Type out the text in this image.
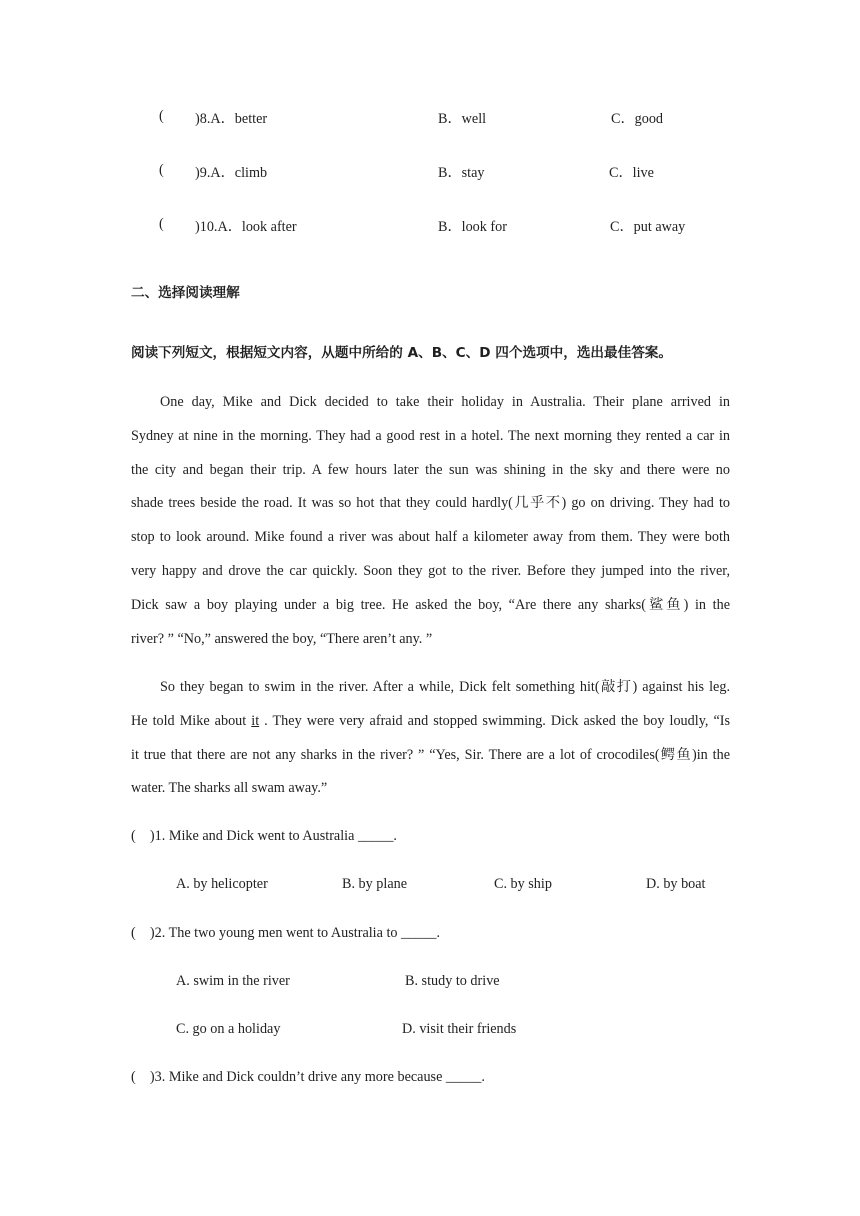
( )8.A．better	B．well	C．good
( )9.A．climb	B．stay	C．live
( )10.A．look after	B．look for	C．put away
二、选择阅读理解
阅读下列短文，根据短文内容，从题中所给的 A、B、C、D 四个选项中，选出最佳答案。
One day, Mike and Dick decided to take their holiday in Australia. Their plane arrived in
Sydney at nine in the morning. They had a good rest in a hotel. The next morning they rented a car in
the city and began their trip. A few hours later the sun was shining in the sky and there were no
shade trees beside the road. It was so hot that they could hardly(几乎不) go on driving. They had to
stop to look around. Mike found a river was about half a kilometer away from them. They were both
very happy and drove the car quickly. Soon they got to the river. Before they jumped into the river,
Dick saw a boy playing under a big tree. He asked the boy, “Are there any sharks(鲨鱼) in the
river? ” “No,” answered the boy, “There aren’t any. ”
So they began to swim in the river. After a while, Dick felt something hit(敲打) against his leg.
He told Mike about it . They were very afraid and stopped swimming. Dick asked the boy loudly, “Is
it true that there are not any sharks in the river? ” “Yes, Sir. There are a lot of crocodiles(鳄鱼)in the
water. The sharks all swam away.”
(    )1. Mike and Dick went to Australia _____.
A. by helicopter	B. by plane	C. by ship	D. by boat
(    )2. The two young men went to Australia to _____.
A. swim in the river	B. study to drive
C. go on a holiday	D. visit their friends
(    )3. Mike and Dick couldn’t drive any more because _____.
